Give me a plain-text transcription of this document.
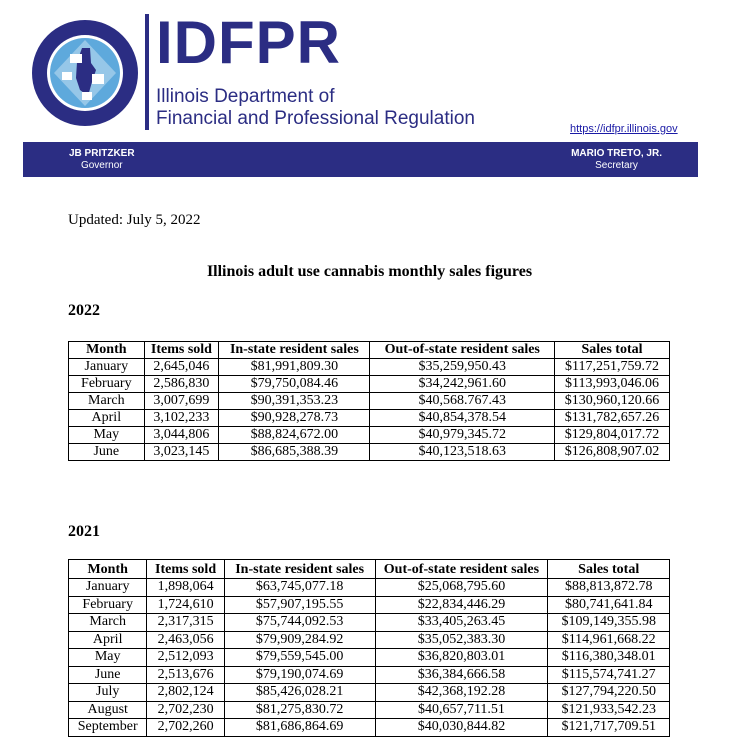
IDFPR
Illinois Department of
Financial and Professional Regulation	https://idfpr.illinois.gov
JB PRITZKER
Governor
MARIO TRETO, JR.
Secretary
Updated: July 5, 2022
Illinois adult use cannabis monthly sales figures
2022
Month	Items sold	In-state resident sales	Out-of-state resident sales	Sales total
January	2,645,046	$81,991,809.30	$35,259,950.43	$117,251,759.72
February	2,586,830	$79,750,084.46	$34,242,961.60	$113,993,046.06
March	3,007,699	$90,391,353.23	$40,568.767.43	$130,960,120.66
April	3,102,233	$90,928,278.73	$40,854,378.54	$131,782,657.26
May	3,044,806	$88,824,672.00	$40,979,345.72	$129,804,017.72
June	3,023,145	$86,685,388.39	$40,123,518.63	$126,808,907.02
2021
Month	Items sold	In-state resident sales	Out-of-state resident sales	Sales total
January	1,898,064	$63,745,077.18	$25,068,795.60	$88,813,872.78
February	1,724,610	$57,907,195.55	$22,834,446.29	$80,741,641.84
March	2,317,315	$75,744,092.53	$33,405,263.45	$109,149,355.98
April	2,463,056	$79,909,284.92	$35,052,383.30	$114,961,668.22
May	2,512,093	$79,559,545.00	$36,820,803.01	$116,380,348.01
June	2,513,676	$79,190,074.69	$36,384,666.58	$115,574,741.27
July	2,802,124	$85,426,028.21	$42,368,192.28	$127,794,220.50
August	2,702,230	$81,275,830.72	$40,657,711.51	$121,933,542.23
September	2,702,260	$81,686,864.69	$40,030,844.82	$121,717,709.51
